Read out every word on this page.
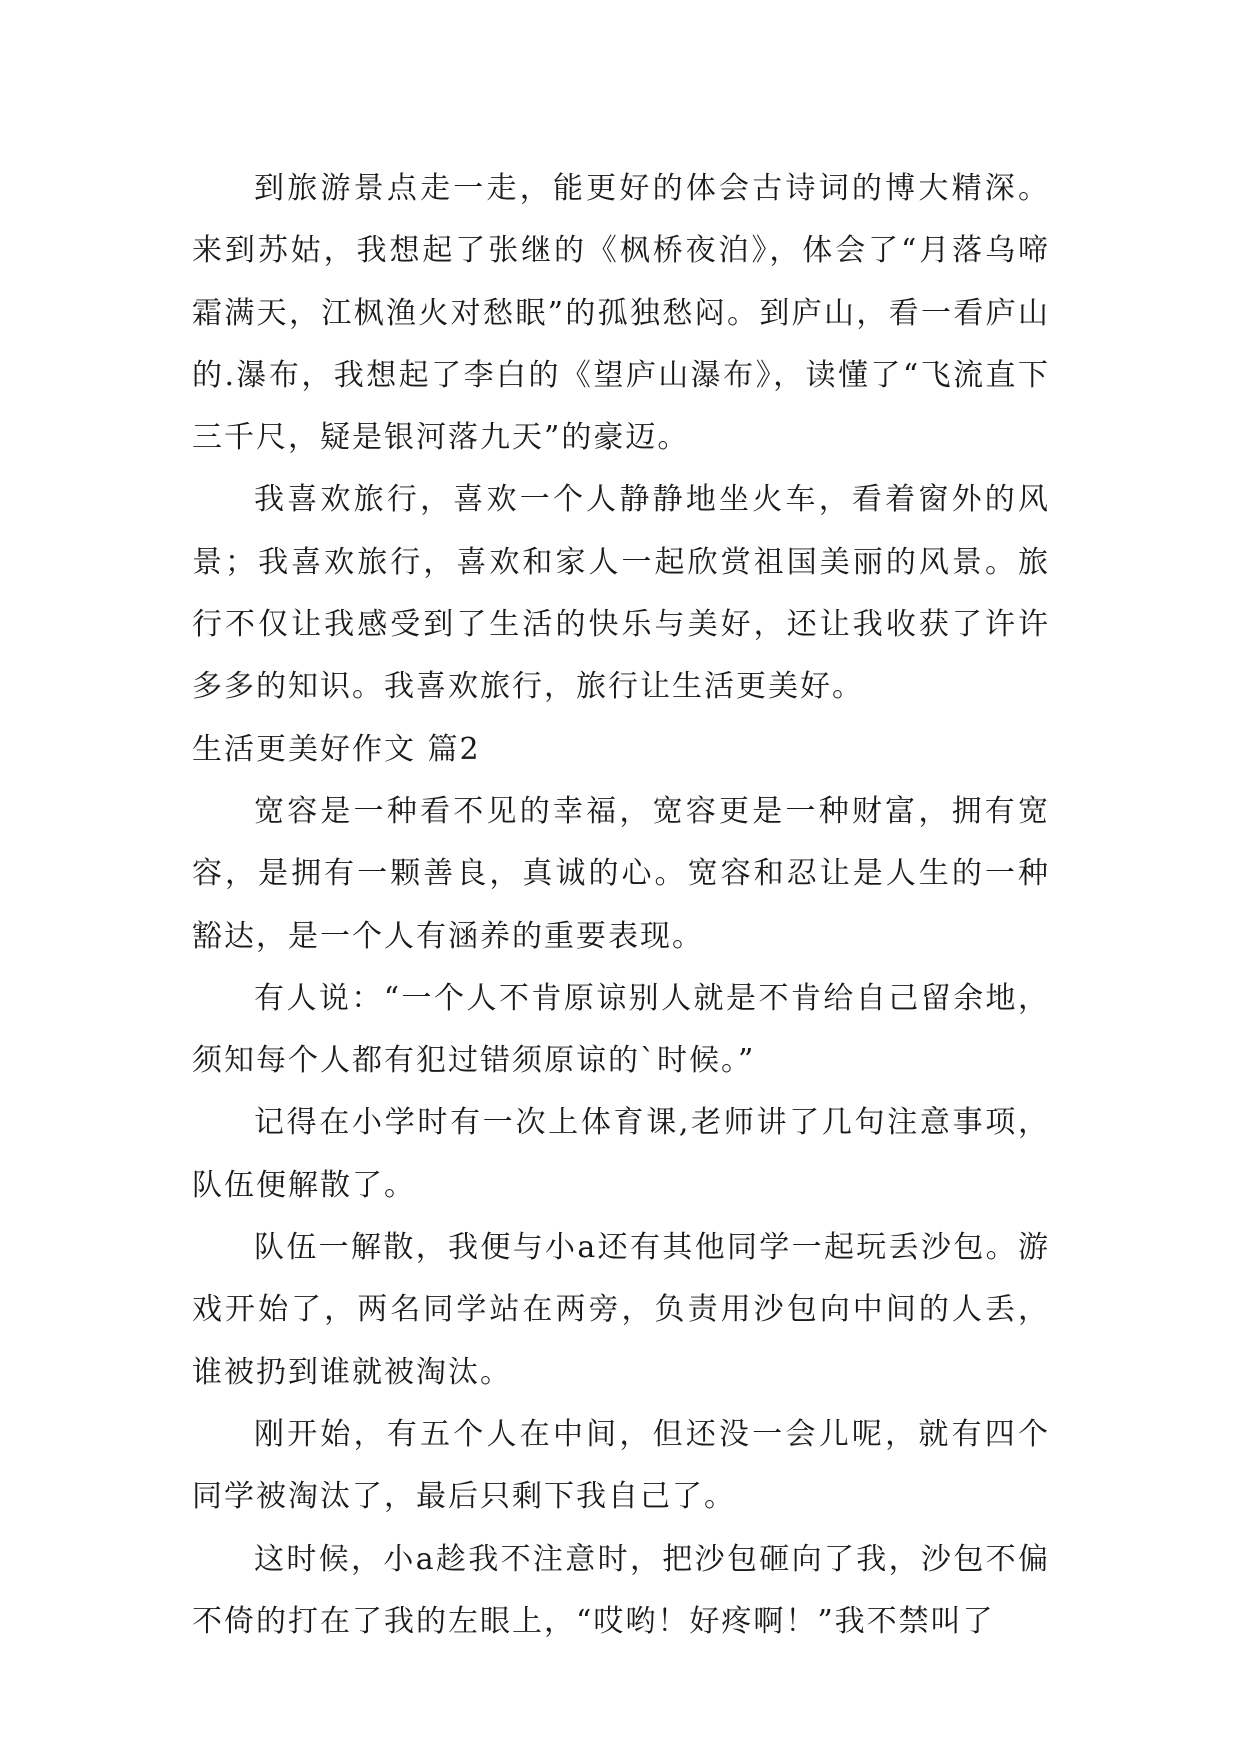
到旅游景点走一走，能更好的体会古诗词的博大精深。来到苏姑，我想起了张继的《枫桥夜泊》，体会了“月落乌啼霜满天，江枫渔火对愁眠”的孤独愁闷。到庐山，看一看庐山的.瀑布，我想起了李白的《望庐山瀑布》，读懂了“飞流直下三千尺，疑是银河落九天”的豪迈。

我喜欢旅行，喜欢一个人静静地坐火车，看着窗外的风景；我喜欢旅行，喜欢和家人一起欣赏祖国美丽的风景。旅行不仅让我感受到了生活的快乐与美好，还让我收获了许许多多的知识。我喜欢旅行，旅行让生活更美好。

生活更美好作文 篇2

宽容是一种看不见的幸福，宽容更是一种财富，拥有宽容，是拥有一颗善良，真诚的心。宽容和忍让是人生的一种豁达，是一个人有涵养的重要表现。

有人说：“一个人不肯原谅别人就是不肯给自己留余地，须知每个人都有犯过错须原谅的`时候。”

记得在小学时有一次上体育课,老师讲了几句注意事项，队伍便解散了。

队伍一解散，我便与小a还有其他同学一起玩丢沙包。游戏开始了，两名同学站在两旁，负责用沙包向中间的人丢，谁被扔到谁就被淘汰。

刚开始，有五个人在中间，但还没一会儿呢，就有四个同学被淘汰了，最后只剩下我自己了。

这时候，小a趁我不注意时，把沙包砸向了我，沙包不偏不倚的打在了我的左眼上，“哎哟！好疼啊！”我不禁叫了
